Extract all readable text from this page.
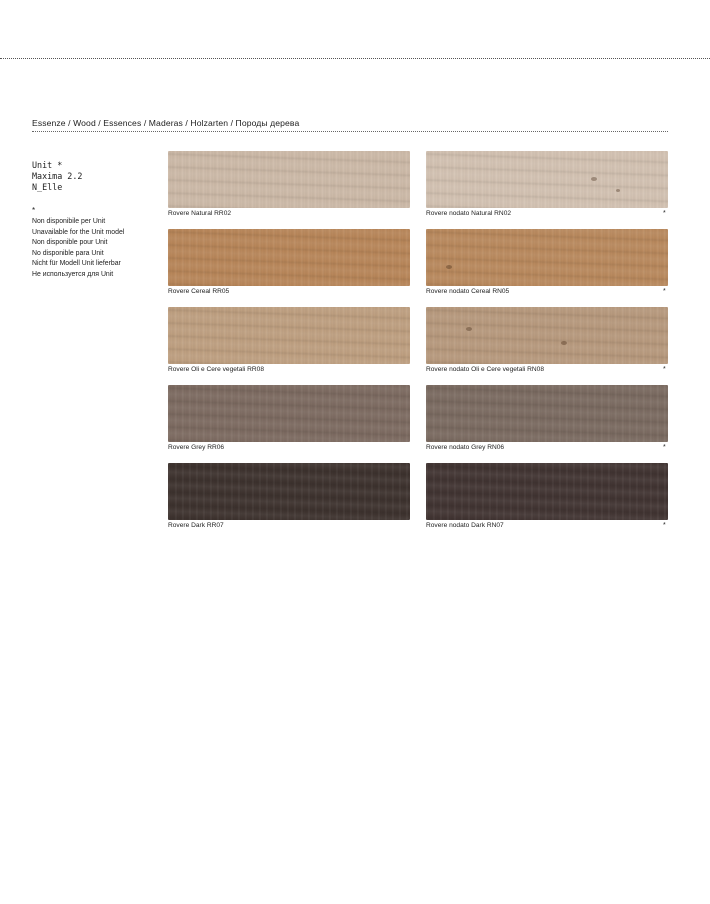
Essenze / Wood / Essences / Maderas / Holzarten / Породы дерева
Unit *
Maxima 2.2
N_Elle
*
Non disponibile per Unit
Unavailable for the Unit model
Non disponible pour Unit
No disponible para Unit
Nicht für Modell Unit lieferbar
Не используется для Unit
Rovere Natural RR02	Rovere nodato Natural RN02	*
Rovere Cereal RR05	Rovere nodato Cereal RN05	*
Rovere Oli e Cere vegetali RR08	Rovere nodato Oli e Cere vegetali RN08	*
Rovere Grey RR06	Rovere nodato Grey RN06	*
Rovere Dark RR07	Rovere nodato Dark RN07	*
